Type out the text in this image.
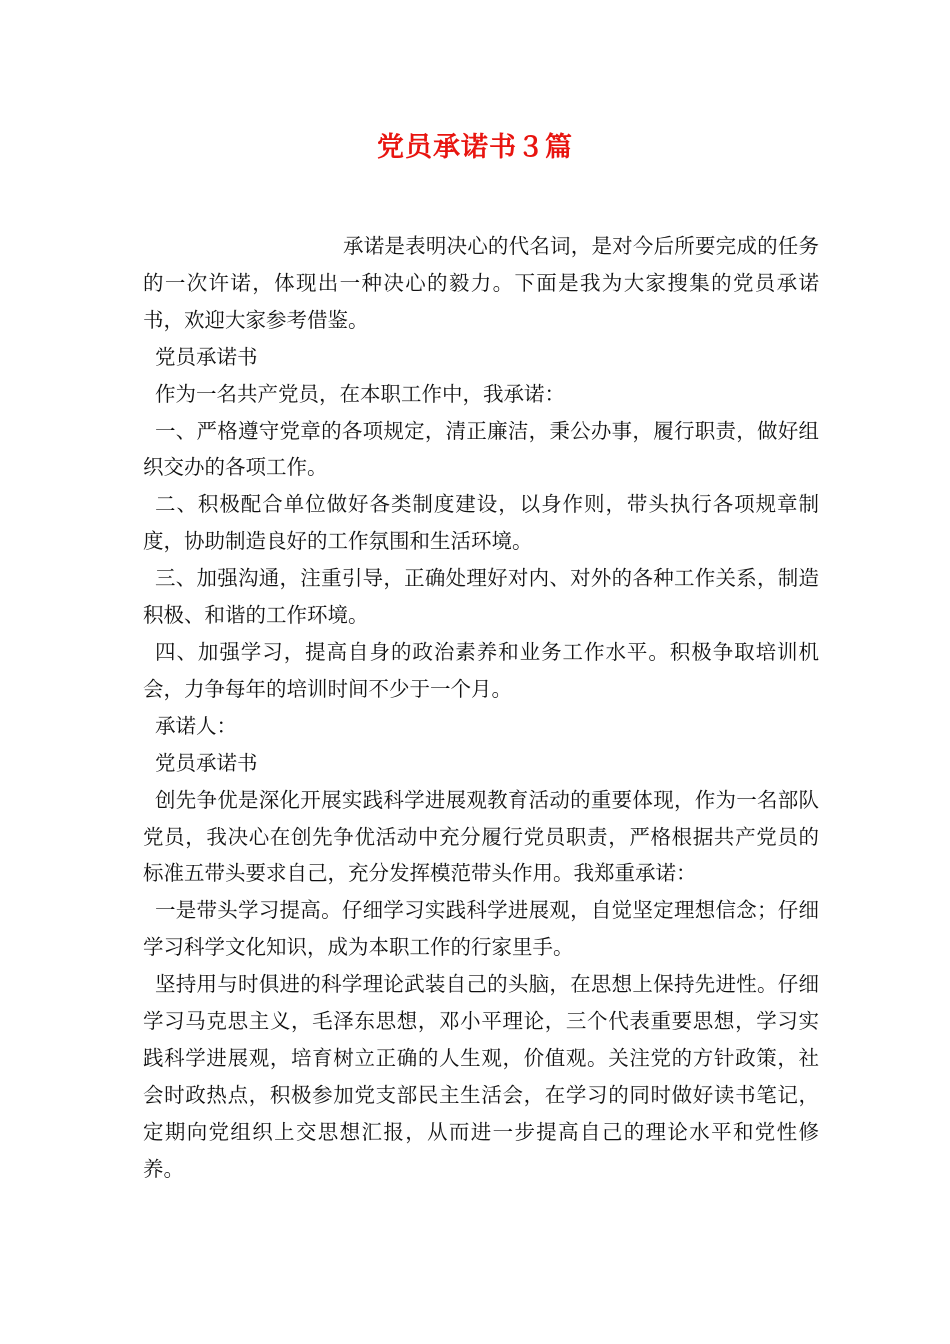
党员承诺书３篇

承诺是表明决心的代名词，是对今后所要完成的任务的一次许诺，体现出一种决心的毅力。下面是我为大家搜集的党员承诺书，欢迎大家参考借鉴。

党员承诺书

作为一名共产党员，在本职工作中，我承诺：

一、严格遵守党章的各项规定，清正廉洁，秉公办事，履行职责，做好组织交办的各项工作。

二、积极配合单位做好各类制度建设，以身作则，带头执行各项规章制度，协助制造良好的工作氛围和生活环境。

三、加强沟通，注重引导，正确处理好对内、对外的各种工作关系，制造积极、和谐的工作环境。

四、加强学习，提高自身的政治素养和业务工作水平。积极争取培训机会，力争每年的培训时间不少于一个月。

承诺人：

党员承诺书

创先争优是深化开展实践科学进展观教育活动的重要体现，作为一名部队党员，我决心在创先争优活动中充分履行党员职责，严格根据共产党员的标准五带头要求自己，充分发挥模范带头作用。我郑重承诺：

一是带头学习提高。仔细学习实践科学进展观，自觉坚定理想信念；仔细学习科学文化知识，成为本职工作的行家里手。

坚持用与时俱进的科学理论武装自己的头脑，在思想上保持先进性。仔细学习马克思主义，毛泽东思想，邓小平理论，三个代表重要思想，学习实践科学进展观，培育树立正确的人生观，价值观。关注党的方针政策，社会时政热点，积极参加党支部民主生活会，在学习的同时做好读书笔记，定期向党组织上交思想汇报，从而进一步提高自己的理论水平和党性修养。
